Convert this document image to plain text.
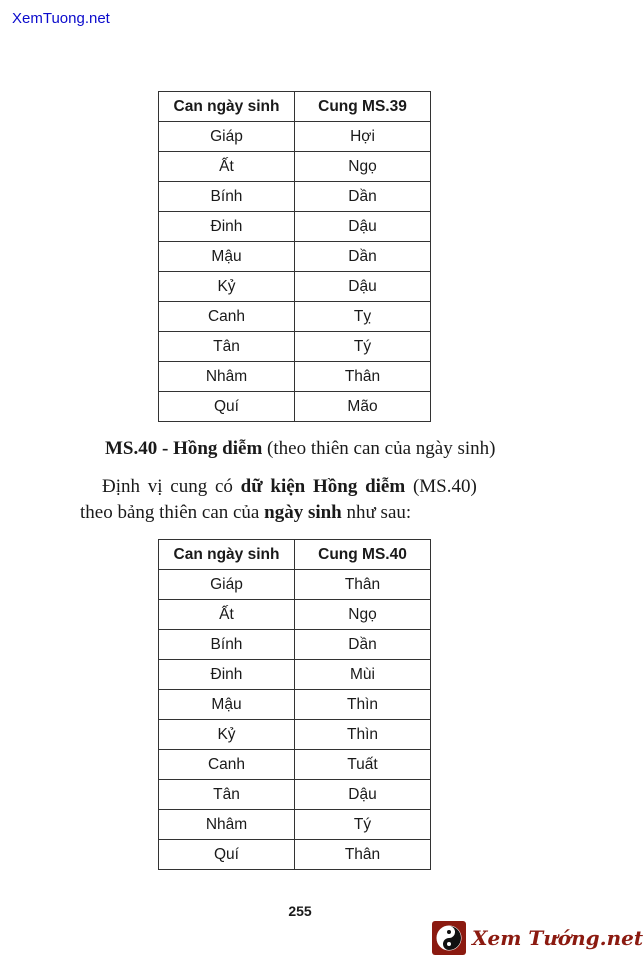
XemTuong.net
Can ngày sinh	Cung MS.39
Giáp	Hợi
Ất	Ngọ
Bính	Dần
Đinh	Dậu
Mậu	Dần
Kỷ	Dậu
Canh	Tỵ
Tân	Tý
Nhâm	Thân
Quí	Mão
MS.40 - Hồng diễm (theo thiên can của ngày sinh)
Định vị cung có dữ kiện Hồng diễm (MS.40)
theo bảng thiên can của ngày sinh như sau:
Can ngày sinh	Cung MS.40
Giáp	Thân
Ất	Ngọ
Bính	Dần
Đinh	Mùi
Mậu	Thìn
Kỷ	Thìn
Canh	Tuất
Tân	Dậu
Nhâm	Tý
Quí	Thân
255
Xem Tướng.net
